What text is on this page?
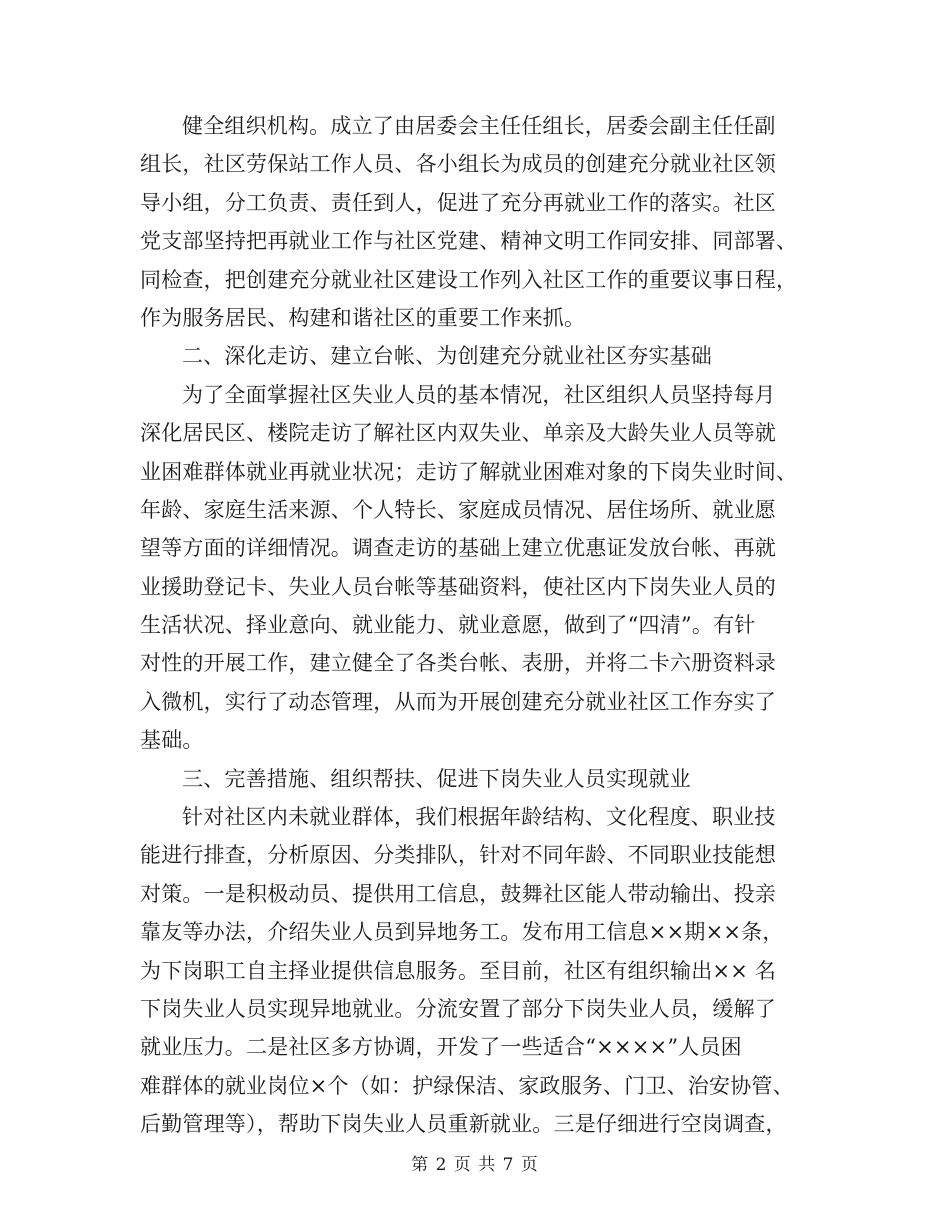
健全组织机构。成立了由居委会主任任组长，居委会副主任任副
组长，社区劳保站工作人员、各小组长为成员的创建充分就业社区领
导小组，分工负责、责任到人，促进了充分再就业工作的落实。社区
党支部坚持把再就业工作与社区党建、精神文明工作同安排、同部署、
同检查，把创建充分就业社区建设工作列入社区工作的重要议事日程，
作为服务居民、构建和谐社区的重要工作来抓。
二、深化走访、建立台帐、为创建充分就业社区夯实基础
为了全面掌握社区失业人员的基本情况，社区组织人员坚持每月
深化居民区、楼院走访了解社区内双失业、单亲及大龄失业人员等就
业困难群体就业再就业状况；走访了解就业困难对象的下岗失业时间、
年龄、家庭生活来源、个人特长、家庭成员情况、居住场所、就业愿
望等方面的详细情况。调查走访的基础上建立优惠证发放台帐、再就
业援助登记卡、失业人员台帐等基础资料，使社区内下岗失业人员的
生活状况、择业意向、就业能力、就业意愿，做到了“四清”。有针
对性的开展工作，建立健全了各类台帐、表册，并将二卡六册资料录
入微机，实行了动态管理，从而为开展创建充分就业社区工作夯实了
基础。
三、完善措施、组织帮扶、促进下岗失业人员实现就业
针对社区内未就业群体，我们根据年龄结构、文化程度、职业技
能进行排查，分析原因、分类排队，针对不同年龄、不同职业技能想
对策。一是积极动员、提供用工信息，鼓舞社区能人带动输出、投亲
靠友等办法，介绍失业人员到异地务工。发布用工信息××期××条，
为下岗职工自主择业提供信息服务。至目前，社区有组织输出×× 名
下岗失业人员实现异地就业。分流安置了部分下岗失业人员，缓解了
就业压力。二是社区多方协调，开发了一些适合“××××”人员困
难群体的就业岗位×个（如：护绿保洁、家政服务、门卫、治安协管、
后勤管理等），帮助下岗失业人员重新就业。三是仔细进行空岗调查，
第 2 页 共 7 页
